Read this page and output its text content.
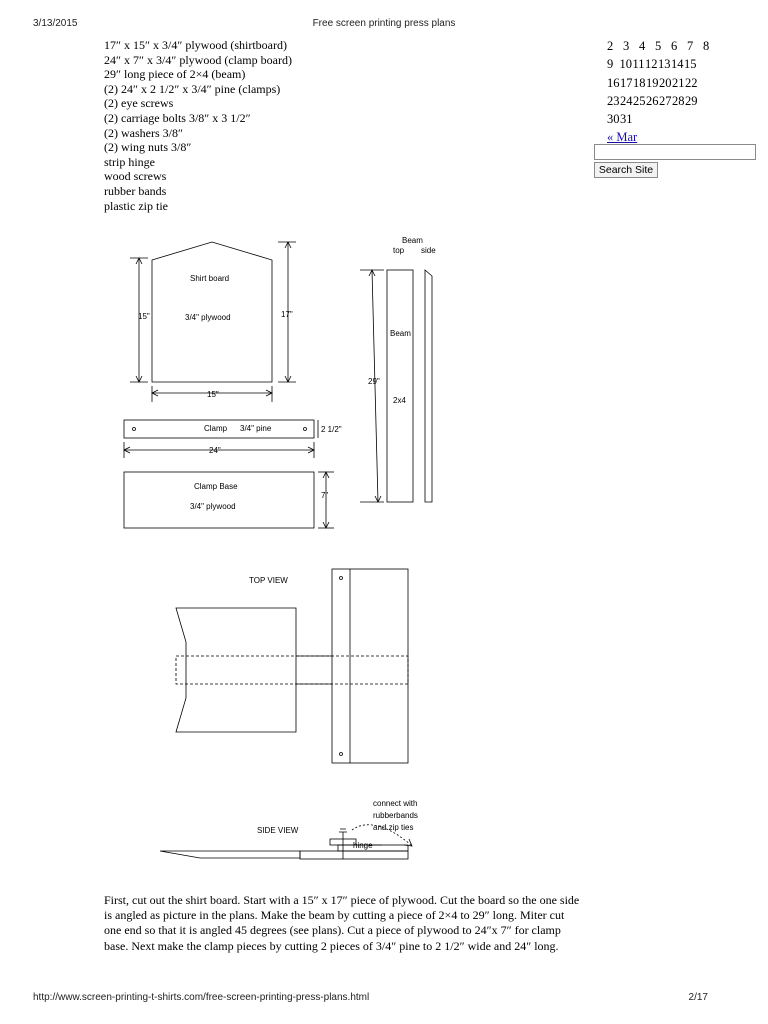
3/13/2015	Free screen printing press plans
17″ x 15″ x 3/4″ plywood (shirtboard)
24″ x 7″ x 3/4″ plywood (clamp board)
29″ long piece of 2×4 (beam)
(2) 24″ x 2 1/2″ x 3/4″ pine (clamps)
(2) eye screws
(2) carriage bolts 3/8″ x 3 1/2″
(2) washers 3/8″
(2) wing nuts 3/8″
strip hinge
wood screws
rubber bands
plastic zip tie
2 3 4 5 6 7 8
9 10 11 12 13 14 15
16 17 18 19 20 21 22
23 24 25 26 27 28 29
30 31
« Mar
Search Site
Shirt board
3/4" plywood
15"	17"
15"
Beam
top side
Beam
2x4
29"
Clamp 3/4" pine	2 1/2"
24"
Clamp Base
3/4" plywood
7"
TOP VIEW
SIDE VIEW
hinge
connect with
rubberbands
and zip ties

First, cut out the shirt board. Start with a 15″ x 17″ piece of plywood. Cut the board so the one side is angled as picture in the plans. Make the beam by cutting a piece of 2×4 to 29″ long. Miter cut one end so that it is angled 45 degrees (see plans). Cut a piece of plywood to 24″x 7″ for clamp base. Next make the clamp pieces by cutting 2 pieces of 3/4″ pine to 2 1/2″ wide and 24″ long.

http://www.screen-printing-t-shirts.com/free-screen-printing-press-plans.html	2/17
